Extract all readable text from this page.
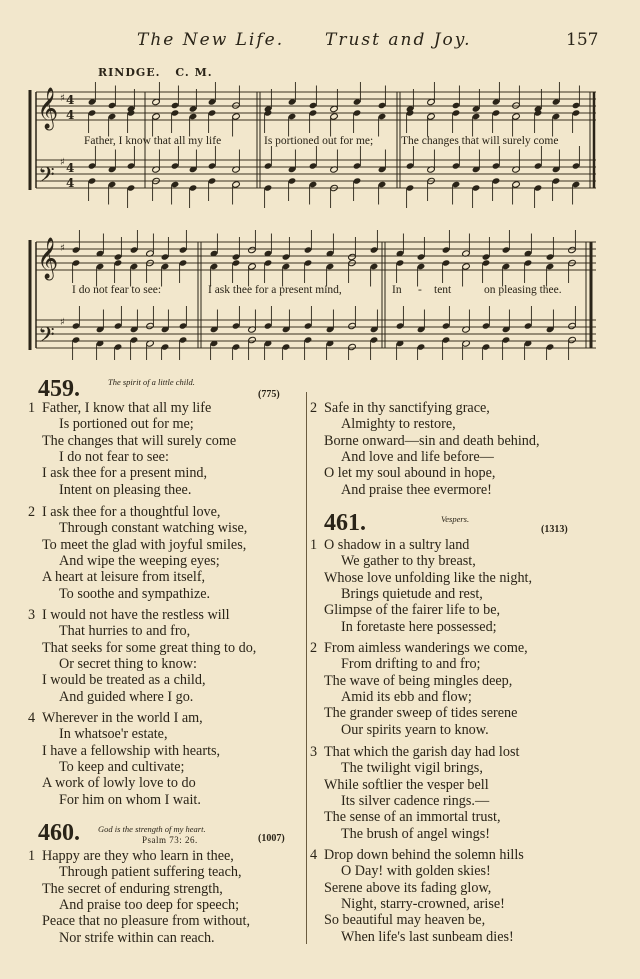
The New Life. Trust and Joy.	157
RINDGE. C. M.
𝄞
𝄢
𝄞
𝄢
4
4
4
4
♯
♯
♯
♯
Father, I know that all my life	Is portioned out for me; The changes that will surely come
I do not fear to see:	I ask thee for a present mind,	In - tent	on pleasing thee.
459.	The spirit of a little child.
(775)
1 Father, I know that all my life
Is portioned out for me;
The changes that will surely come
I do not fear to see:
I ask thee for a present mind,
Intent on pleasing thee.
2 I ask thee for a thoughtful love,
Through constant watching wise,
To meet the glad with joyful smiles,
And wipe the weeping eyes;
A heart at leisure from itself,
To soothe and sympathize.
3 I would not have the restless will
That hurries to and fro,
That seeks for some great thing to do,
Or secret thing to know:
I would be treated as a child,
And guided where I go.
4 Wherever in the world I am,
In whatsoe'r estate,
I have a fellowship with hearts,
To keep and cultivate;
A work of lowly love to do
For him on whom I wait.
1 Happy are they who learn in thee,
Through patient suffering teach,
The secret of enduring strength,
And praise too deep for speech;
Peace that no pleasure from without,
Nor strife within can reach.
2 Safe in thy sanctifying grace,
Almighty to restore,
Borne onward—sin and death behind,
And love and life before—
O let my soul abound in hope,
And praise thee evermore!
1 O shadow in a sultry land
We gather to thy breast,
Whose love unfolding like the night,
Brings quietude and rest,
Glimpse of the fairer life to be,
In foretaste here possessed;
2 From aimless wanderings we come,
From drifting to and fro;
The wave of being mingles deep,
Amid its ebb and flow;
The grander sweep of tides serene
Our spirits yearn to know.
3 That which the garish day had lost
The twilight vigil brings,
While softlier the vesper bell
Its silver cadence rings.—
The sense of an immortal trust,
The brush of angel wings!
4 Drop down behind the solemn hills
O Day! with golden skies!
Serene above its fading glow,
Night, starry-crowned, arise!
So beautiful may heaven be,
When life's last sunbeam dies!
460. God is the strength of my heart.
Psalm 73: 26.	(1007)
461.	Vespers.
(1313)
